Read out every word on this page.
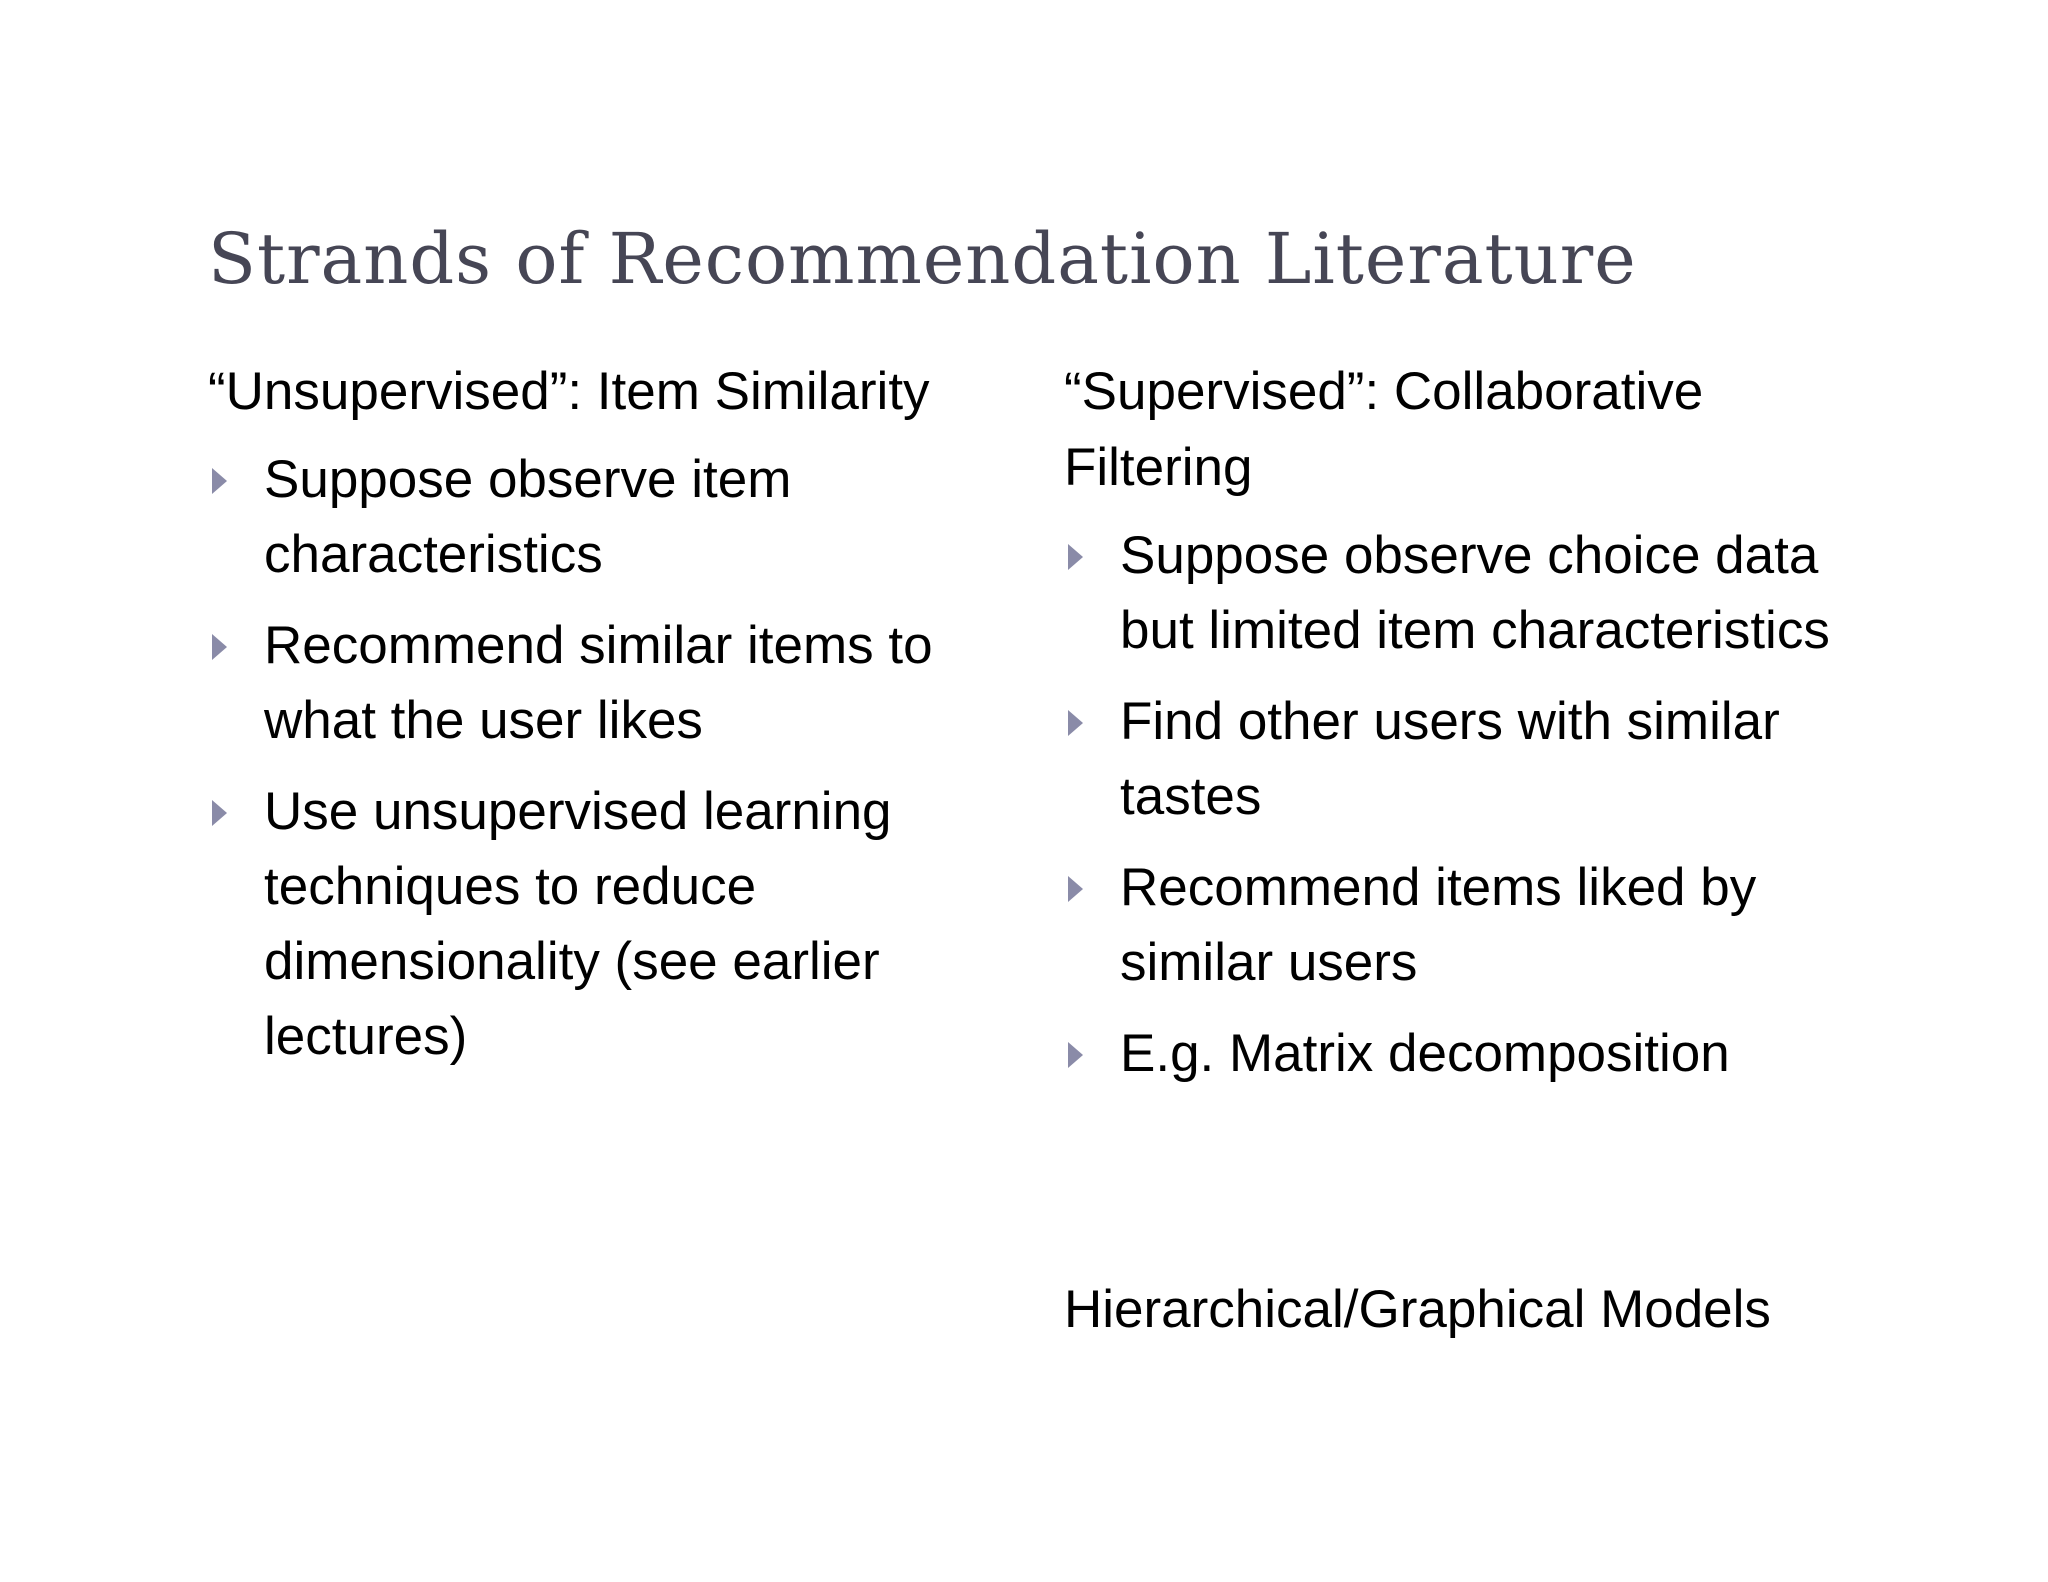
Strands of Recommendation Literature
“Unsupervised”: Item Similarity
Suppose observe item characteristics
Recommend similar items to what the user likes
Use unsupervised learning techniques to reduce dimensionality (see earlier lectures)
“Supervised”: Collaborative Filtering
Suppose observe choice data but limited item characteristics
Find other users with similar tastes
Recommend items liked by similar users
E.g. Matrix decomposition
Hierarchical/Graphical Models
